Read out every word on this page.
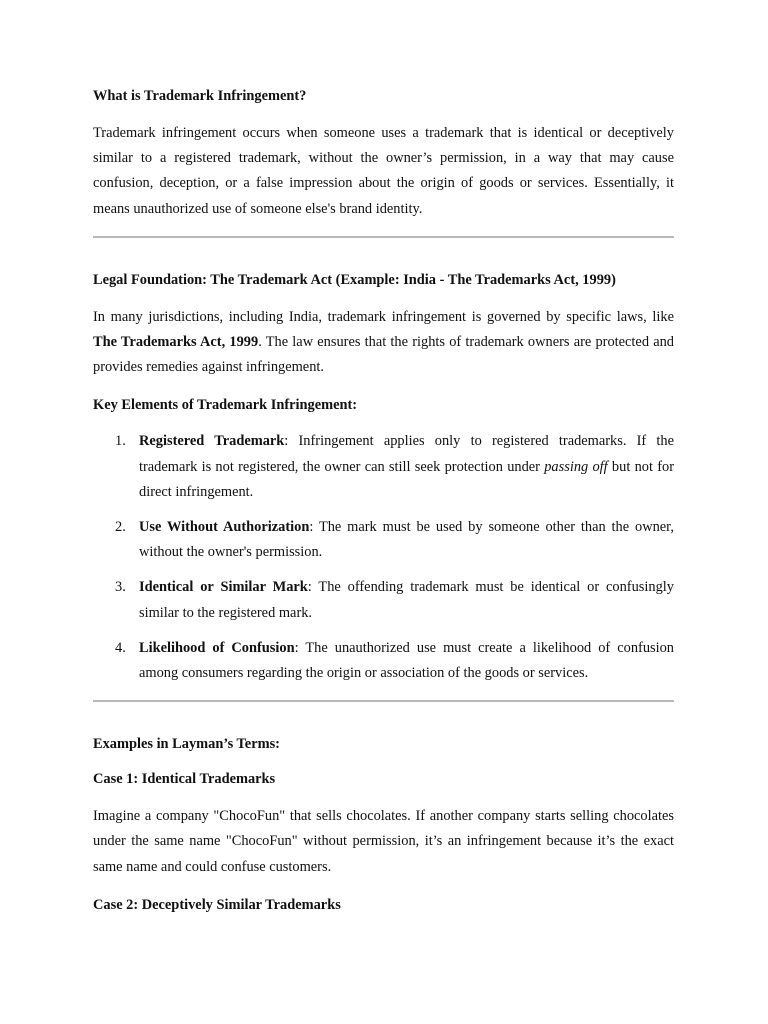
What is Trademark Infringement?

Trademark infringement occurs when someone uses a trademark that is identical or deceptively similar to a registered trademark, without the owner’s permission, in a way that may cause confusion, deception, or a false impression about the origin of goods or services. Essentially, it means unauthorized use of someone else's brand identity.

Legal Foundation: The Trademark Act (Example: India - The Trademarks Act, 1999)

In many jurisdictions, including India, trademark infringement is governed by specific laws, like The Trademarks Act, 1999. The law ensures that the rights of trademark owners are protected and provides remedies against infringement.

Key Elements of Trademark Infringement:
1. Registered Trademark: Infringement applies only to registered trademarks. If the trademark is not registered, the owner can still seek protection under passing off but not for direct infringement.
2. Use Without Authorization: The mark must be used by someone other than the owner, without the owner's permission.
3. Identical or Similar Mark: The offending trademark must be identical or confusingly similar to the registered mark.
4. Likelihood of Confusion: The unauthorized use must create a likelihood of confusion among consumers regarding the origin or association of the goods or services.
Examples in Layman’s Terms:
Case 1: Identical Trademarks

Imagine a company "ChocoFun" that sells chocolates. If another company starts selling chocolates under the same name "ChocoFun" without permission, it’s an infringement because it’s the exact same name and could confuse customers.

Case 2: Deceptively Similar Trademarks
